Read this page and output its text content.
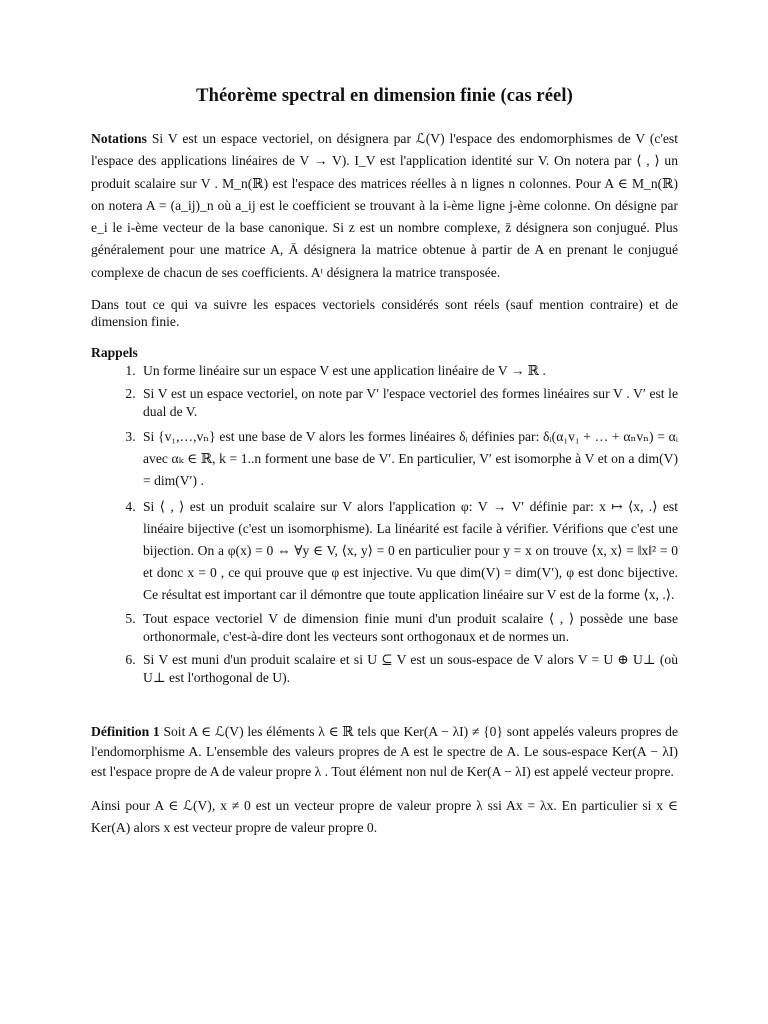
Théorème spectral en dimension finie (cas réel)

Notations Si V est un espace vectoriel, on désignera par ℒ(V) l'espace des endomorphismes de V (c'est l'espace des applications linéaires de V → V). I_V est l'application identité sur V. On notera par ⟨ , ⟩ un produit scalaire sur V . M_n(ℝ) est l'espace des matrices réelles à n lignes n colonnes. Pour A ∈ M_n(ℝ) on notera A = (a_ij)_n où a_ij est le coefficient se trouvant à la i-ème ligne j-ème colonne. On désigne par e_i le i-ème vecteur de la base canonique. Si z est un nombre complexe, z̄ désignera son conjugué. Plus généralement pour une matrice A, Ā désignera la matrice obtenue à partir de A en prenant le conjugué complexe de chacun de ses coefficients. Aᵗ désignera la matrice transposée.

Dans tout ce qui va suivre les espaces vectoriels considérés sont réels (sauf mention contraire) et de dimension finie.

Rappels
1. Un forme linéaire sur un espace V est une application linéaire de V → ℝ .
2. Si V est un espace vectoriel, on note par V′ l'espace vectoriel des formes linéaires sur V . V′ est le dual de V.
3. Si {v₁,…,vₙ} est une base de V alors les formes linéaires δᵢ définies par: δᵢ(α₁v₁ + … + αₙvₙ) = αᵢ avec αₖ ∈ ℝ, k = 1..n forment une base de V′. En particulier, V′ est isomorphe à V et on a dim(V) = dim(V′) .
4. Si ⟨ , ⟩ est un produit scalaire sur V alors l'application φ: V → V′ définie par: x ↦ ⟨x, .⟩ est linéaire bijective (c'est un isomorphisme). La linéarité est facile à vérifier. Vérifions que c'est une bijection. On a φ(x) = 0 ⇔ ∀y ∈ V, ⟨x, y⟩ = 0 en particulier pour y = x on trouve ⟨x, x⟩ = ‖x‖² = 0 et donc x = 0 , ce qui prouve que φ est injective. Vu que dim(V) = dim(V′), φ est donc bijective. Ce résultat est important car il démontre que toute application linéaire sur V est de la forme ⟨x, .⟩.
5. Tout espace vectoriel V de dimension finie muni d'un produit scalaire ⟨ , ⟩ possède une base orthonormale, c'est-à-dire dont les vecteurs sont orthogonaux et de normes un.
6. Si V est muni d'un produit scalaire et si U ⊆ V est un sous-espace de V alors V = U ⊕ U⊥ (où U⊥ est l'orthogonal de U).

Définition 1 Soit A ∈ ℒ(V) les éléments λ ∈ ℝ tels que Ker(A − λI) ≠ {0} sont appelés valeurs propres de l'endomorphisme A. L'ensemble des valeurs propres de A est le spectre de A. Le sous-espace Ker(A − λI) est l'espace propre de A de valeur propre λ . Tout élément non nul de Ker(A − λI) est appelé vecteur propre.

Ainsi pour A ∈ ℒ(V), x ≠ 0 est un vecteur propre de valeur propre λ ssi Ax = λx. En particulier si x ∈ Ker(A) alors x est vecteur propre de valeur propre 0.
